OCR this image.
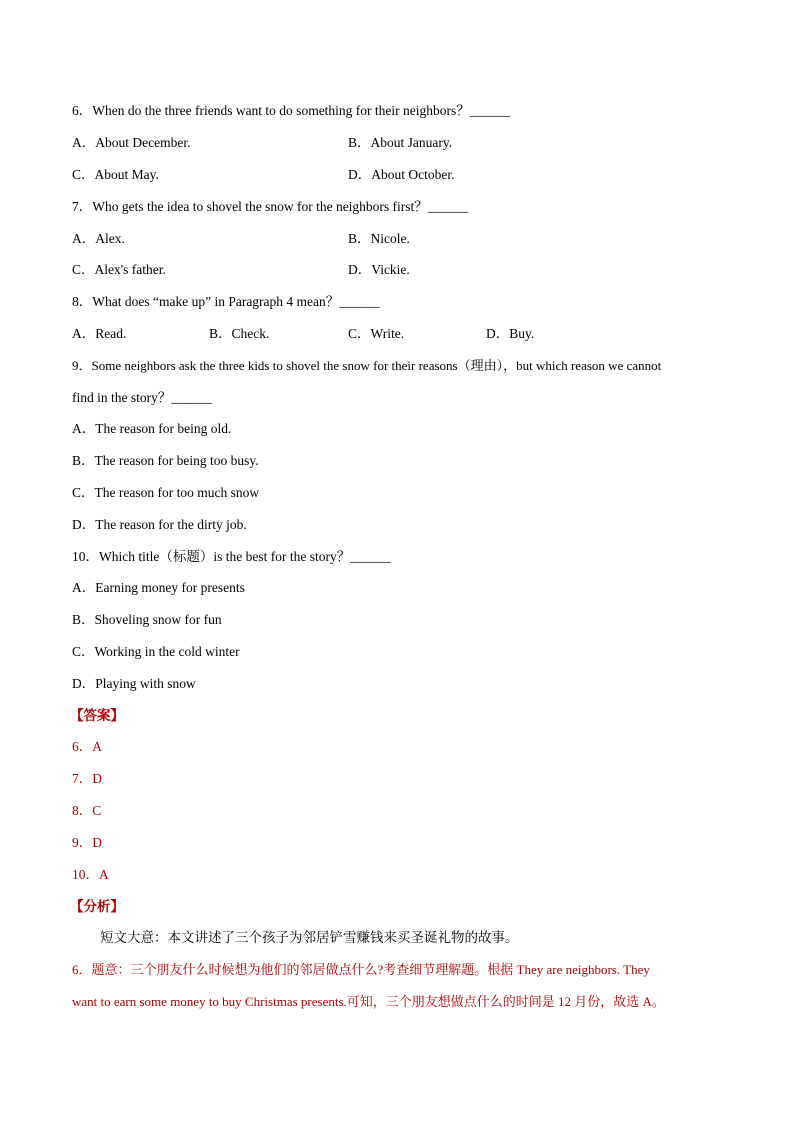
6．When do the three friends want to do something for their neighbors？______
A．About December.	B．About January.
C．About May.	D．About October.
7．Who gets the idea to shovel the snow for the neighbors first？______
A．Alex.	B．Nicole.
C．Alex's father.	D．Vickie.
8．What does “make up” in Paragraph 4 mean？______
A．Read.	B．Check.	C．Write.	D．Buy.
9．Some neighbors ask the three kids to shovel the snow for their reasons（理由），but which reason we cannot
find in the story？______
A．The reason for being old.
B．The reason for being too busy.
C．The reason for too much snow
D．The reason for the dirty job.
10．Which title（标题）is the best for the story？______
A．Earning money for presents
B．Shoveling snow for fun
C．Working in the cold winter
D．Playing with snow
【答案】
6．A
7．D
8．C
9．D
10．A
【分析】
短文大意：本文讲述了三个孩子为邻居铲雪赚钱来买圣诞礼物的故事。
6．题意：三个朋友什么时候想为他们的邻居做点什么?考查细节理解题。根据 They are neighbors. They
want to earn some money to buy Christmas presents.可知，三个朋友想做点什么的时间是 12 月份，故选 A。
